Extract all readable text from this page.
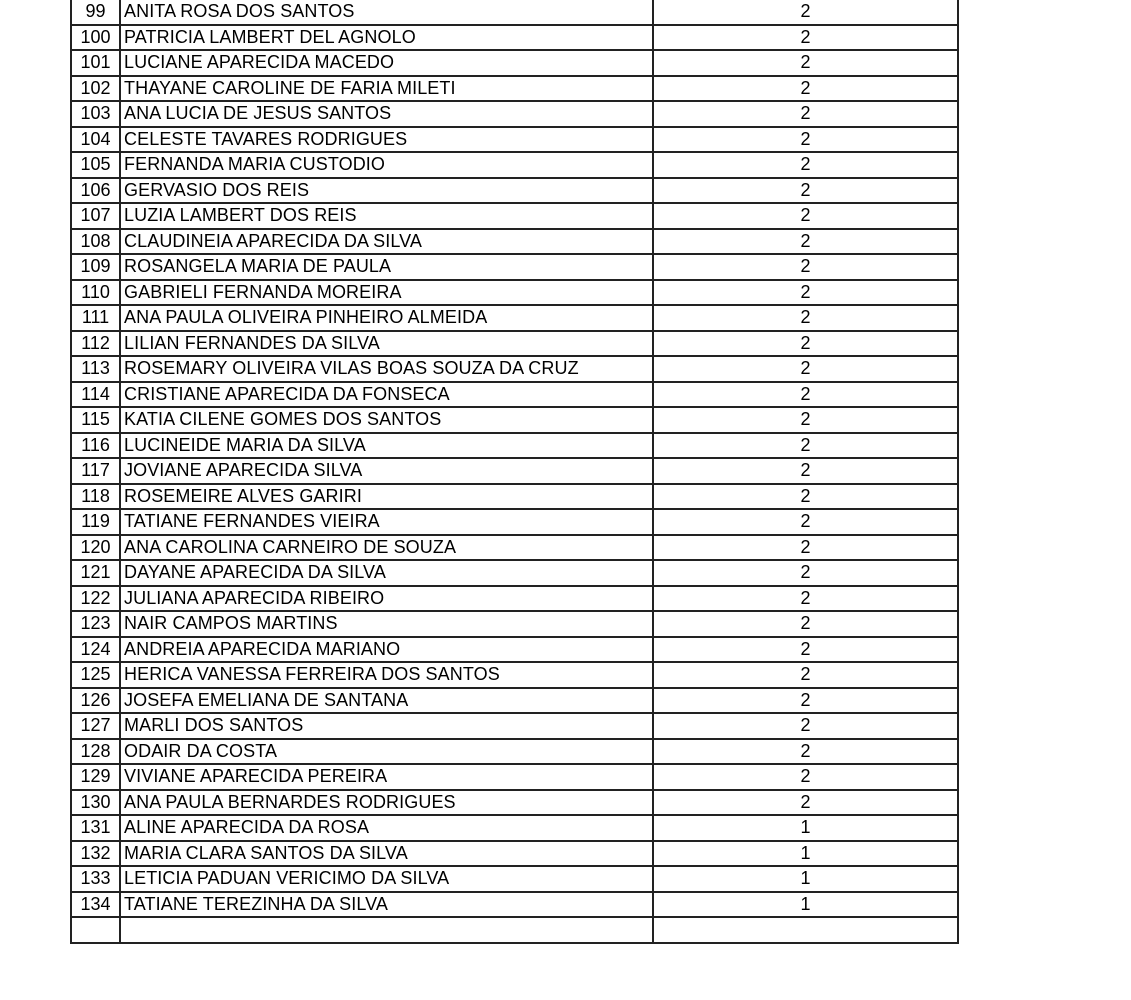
99	ANITA ROSA DOS SANTOS	2
100	PATRICIA LAMBERT DEL AGNOLO	2
101	LUCIANE APARECIDA MACEDO	2
102	THAYANE CAROLINE DE FARIA MILETI	2
103	ANA LUCIA DE JESUS SANTOS	2
104	CELESTE TAVARES RODRIGUES	2
105	FERNANDA MARIA CUSTODIO	2
106	GERVASIO DOS REIS	2
107	LUZIA LAMBERT DOS REIS	2
108	CLAUDINEIA APARECIDA DA SILVA	2
109	ROSANGELA MARIA DE PAULA	2
110	GABRIELI FERNANDA MOREIRA	2
111	ANA PAULA OLIVEIRA PINHEIRO ALMEIDA	2
112	LILIAN FERNANDES DA SILVA	2
113	ROSEMARY OLIVEIRA VILAS BOAS SOUZA DA CRUZ	2
114	CRISTIANE APARECIDA DA FONSECA	2
115	KATIA CILENE GOMES DOS SANTOS	2
116	LUCINEIDE MARIA DA SILVA	2
117	JOVIANE APARECIDA SILVA	2
118	ROSEMEIRE ALVES GARIRI	2
119	TATIANE FERNANDES VIEIRA	2
120	ANA CAROLINA CARNEIRO DE SOUZA	2
121	DAYANE APARECIDA DA SILVA	2
122	JULIANA APARECIDA RIBEIRO	2
123	NAIR CAMPOS MARTINS	2
124	ANDREIA APARECIDA MARIANO	2
125	HERICA VANESSA FERREIRA DOS SANTOS	2
126	JOSEFA EMELIANA DE SANTANA	2
127	MARLI DOS SANTOS	2
128	ODAIR DA COSTA	2
129	VIVIANE APARECIDA PEREIRA	2
130	ANA PAULA BERNARDES RODRIGUES	2
131	ALINE APARECIDA DA ROSA	1
132	MARIA CLARA SANTOS DA SILVA	1
133	LETICIA PADUAN VERICIMO DA SILVA	1
134	TATIANE TEREZINHA DA SILVA	1
